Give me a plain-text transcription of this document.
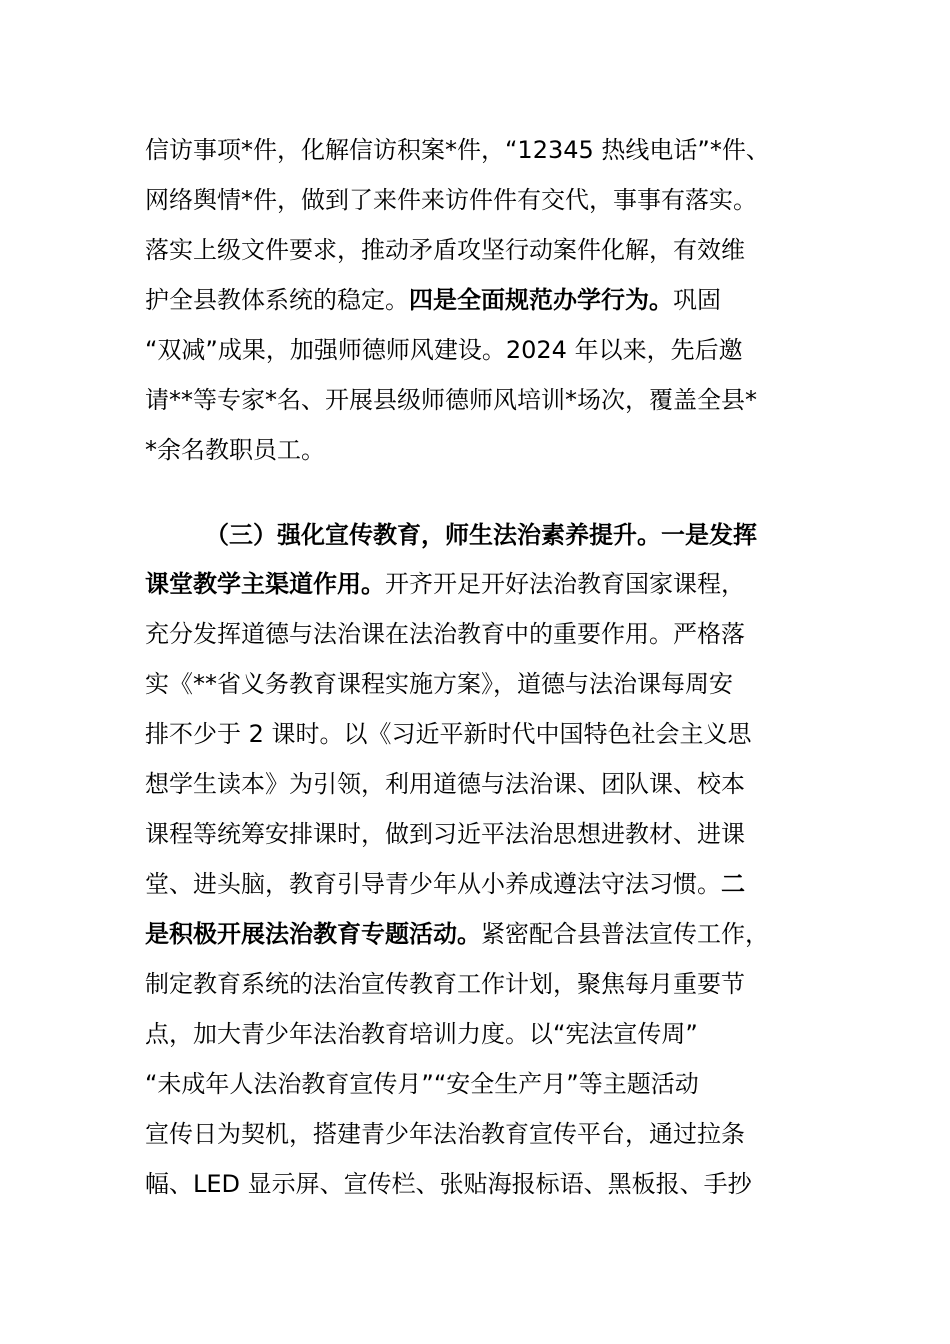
信访事项*件，化解信访积案*件，“12345 热线电话”*件、
网络舆情*件，做到了来件来访件件有交代，事事有落实。
落实上级文件要求，推动矛盾攻坚行动案件化解，有效维
护全县教体系统的稳定。四是全面规范办学行为。巩固
“双减”成果，加强师德师风建设。2024 年以来，先后邀
请**等专家*名、开展县级师德师风培训*场次，覆盖全县*
*余名教职员工。
（三）强化宣传教育，师生法治素养提升。一是发挥
课堂教学主渠道作用。开齐开足开好法治教育国家课程，
充分发挥道德与法治课在法治教育中的重要作用。严格落
实《**省义务教育课程实施方案》，道德与法治课每周安
排不少于 2 课时。以《习近平新时代中国特色社会主义思
想学生读本》为引领，利用道德与法治课、团队课、校本
课程等统筹安排课时，做到习近平法治思想进教材、进课
堂、进头脑，教育引导青少年从小养成遵法守法习惯。二
是积极开展法治教育专题活动。紧密配合县普法宣传工作，
制定教育系统的法治宣传教育工作计划，聚焦每月重要节
点，加大青少年法治教育培训力度。以“宪法宣传周”
“未成年人法治教育宣传月”“安全生产月”等主题活动
宣传日为契机，搭建青少年法治教育宣传平台，通过拉条
幅、LED 显示屏、宣传栏、张贴海报标语、黑板报、手抄
